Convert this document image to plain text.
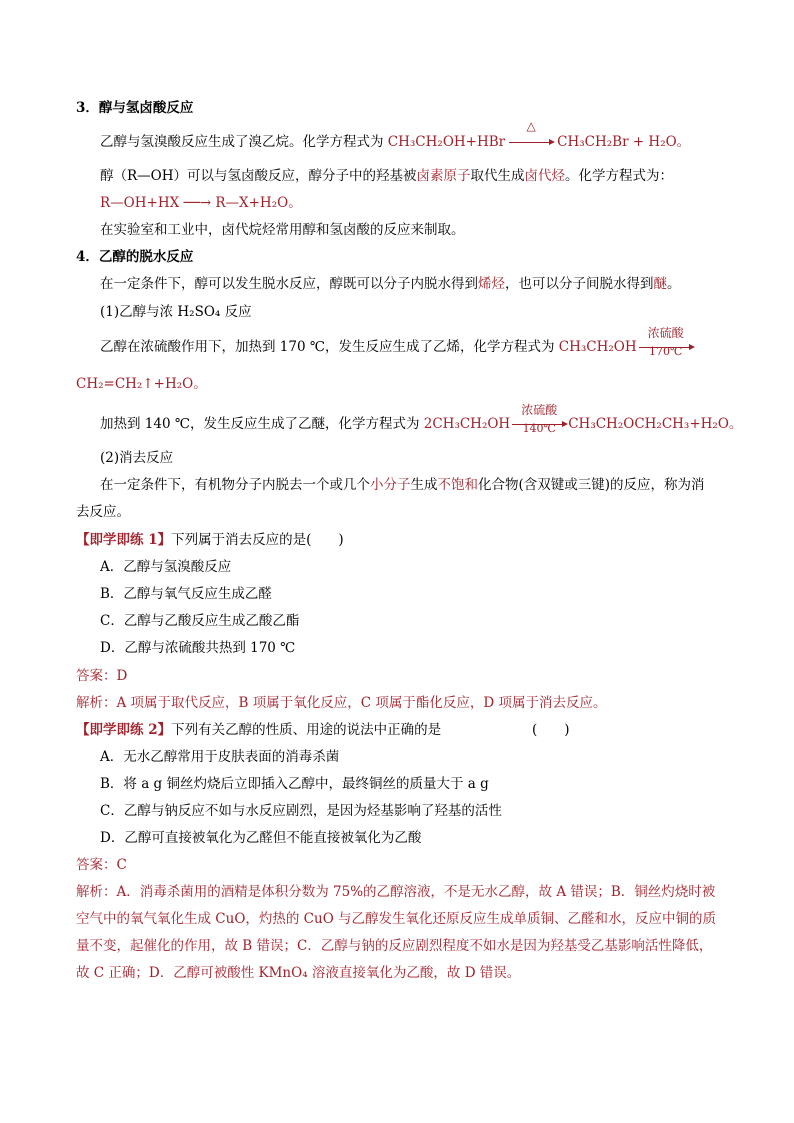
3．醇与氢卤酸反应
乙醇与氢溴酸反应生成了溴乙烷。化学方程式为 CH₃CH₂OH+HBr
△
CH₃CH₂Br + H₂O。
醇（R—OH）可以与氢卤酸反应，醇分子中的羟基被卤素原子取代生成卤代烃。化学方程式为：
R—OH+HX ──→ R—X+H₂O。
在实验室和工业中，卤代烷烃常用醇和氢卤酸的反应来制取。
4．乙醇的脱水反应
在一定条件下，醇可以发生脱水反应，醇既可以分子内脱水得到烯烃，也可以分子间脱水得到醚。
(1)乙醇与浓 H₂SO₄ 反应
乙醇在浓硫酸作用下，加热到 170 ℃，发生反应生成了乙烯，化学方程式为 CH₃CH₂OH
浓硫酸
170℃
CH₂=CH₂↑+H₂O。
加热到 140 ℃，发生反应生成了乙醚，化学方程式为 2CH₃CH₂OH
浓硫酸
140℃ CH₃CH₂OCH₂CH₃+H₂O。
(2)消去反应
在一定条件下，有机物分子内脱去一个或几个小分子生成不饱和化合物(含双键或三键)的反应，称为消
去反应。
【即学即练 1】下列属于消去反应的是(　　)
A．乙醇与氢溴酸反应
B．乙醇与氧气反应生成乙醛
C．乙醇与乙酸反应生成乙酸乙酯
D．乙醇与浓硫酸共热到 170 ℃
答案：D
解析：A 项属于取代反应，B 项属于氧化反应，C 项属于酯化反应，D 项属于消去反应。
【即学即练 2】下列有关乙醇的性质、用途的说法中正确的是	(　　)
A．无水乙醇常用于皮肤表面的消毒杀菌
B．将 a g 铜丝灼烧后立即插入乙醇中，最终铜丝的质量大于 a g
C．乙醇与钠反应不如与水反应剧烈，是因为烃基影响了羟基的活性
D．乙醇可直接被氧化为乙醛但不能直接被氧化为乙酸
答案：C
解析：A．消毒杀菌用的酒精是体积分数为 75%的乙醇溶液，不是无水乙醇，故 A 错误；B．铜丝灼烧时被
空气中的氧气氧化生成 CuO，灼热的 CuO 与乙醇发生氧化还原反应生成单质铜、乙醛和水，反应中铜的质
量不变，起催化的作用，故 B 错误；C．乙醇与钠的反应剧烈程度不如水是因为羟基受乙基影响活性降低，
故 C 正确；D．乙醇可被酸性 KMnO₄ 溶液直接氧化为乙酸，故 D 错误。
